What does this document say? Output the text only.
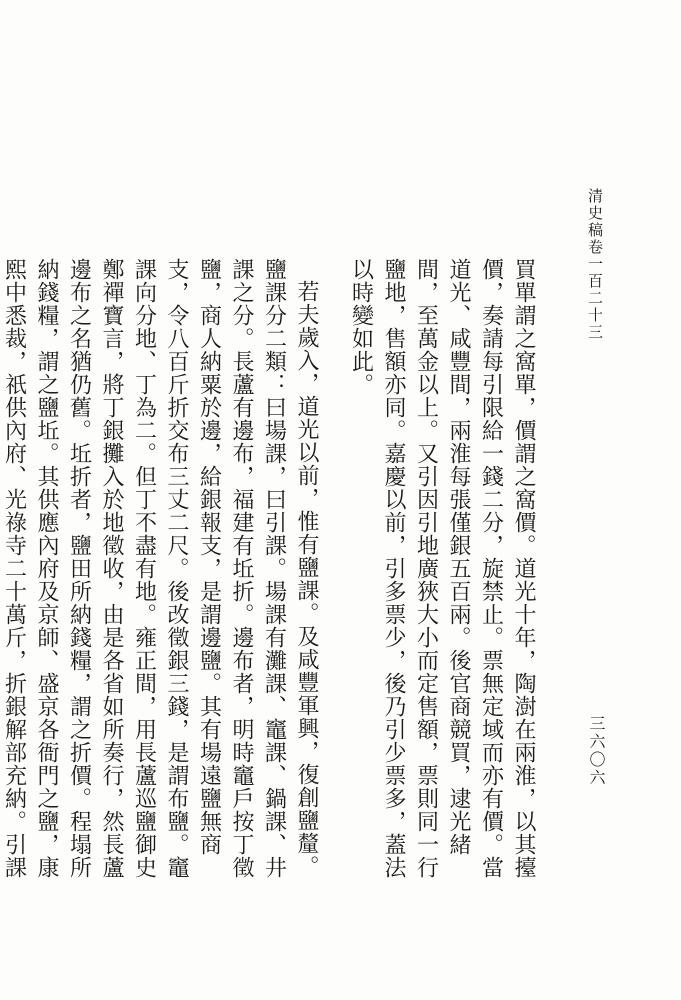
清史稿卷一百二十三
三六〇六

買單謂之窩單，價謂之窩價。道光十年，陶澍在兩淮，以其擡價，奏請每引限給一錢二分，旋禁止。票無定域而亦有價。當道光、咸豐間，兩淮每張僅銀五百兩。後官商競買，逮光緒間，至萬金以上。又引因引地廣狹大小而定售額，票則同一行鹽地，售額亦同。嘉慶以前，引多票少，後乃引少票多，蓋法以時變如此。

若夫歲入，道光以前，惟有鹽課。及咸豐軍興，復創鹽釐。鹽課分二類：曰場課，曰引課。場課有灘課、竈課、鍋課、井課之分。長蘆有邊布，福建有坵折。邊布者，明時竈戶按丁徵鹽，商人納粟於邊，給銀報支，是謂邊鹽。其有場遠鹽無商支，令八百斤折交布三丈二尺。後改徵銀三錢，是謂布鹽。竈課向分地、丁為二。但丁不盡有地。雍正間，用長蘆巡鹽御史鄭禪寶言，將丁銀攤入於地徵收，由是各省如所奏行，然長蘆邊布之名猶仍舊。坵折者，鹽田所納錢糧，謂之折價。程塌所納錢糧，謂之鹽坵。其供應內府及京師、盛京各衙門之鹽，康熙中悉裁，祇供內府、光祿寺二十萬斤，折銀解部充納。引課
